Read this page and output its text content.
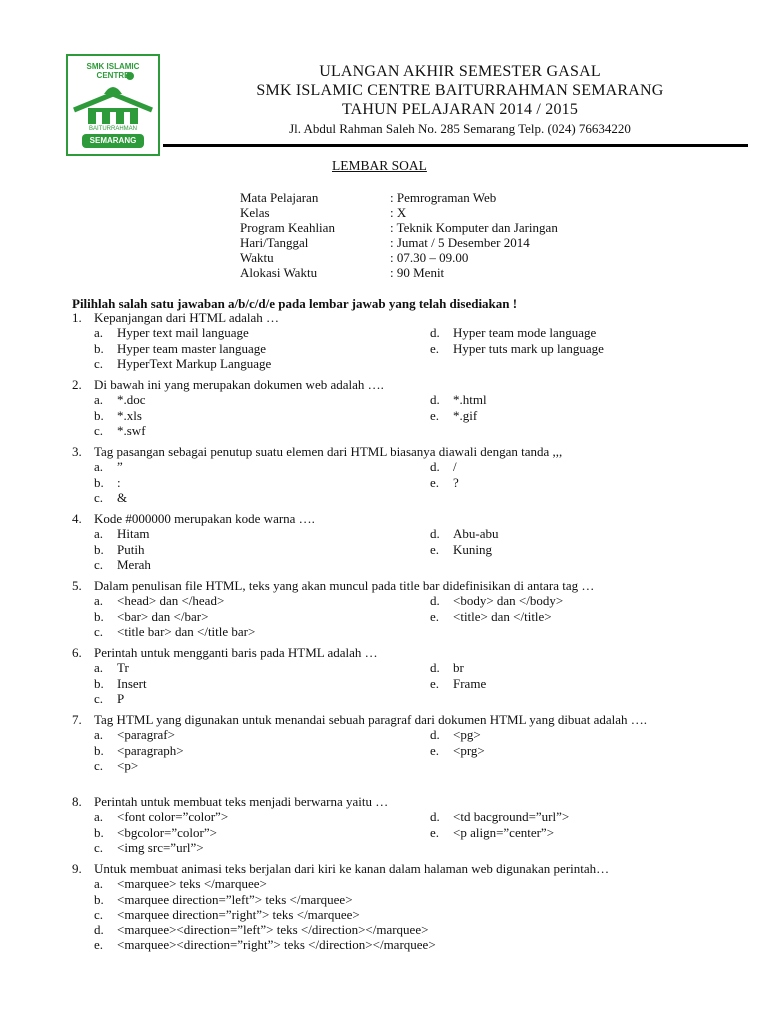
SMK ISLAMIC CENTRE
BAITURRAHMAN
SEMARANG
ULANGAN AKHIR SEMESTER GASAL
SMK ISLAMIC CENTRE BAITURRAHMAN SEMARANG
TAHUN PELAJARAN 2014 / 2015
Jl. Abdul Rahman Saleh No. 285 Semarang Telp. (024) 76634220
LEMBAR SOAL
Mata Pelajaran	: Pemrograman Web
Kelas	: X
Program Keahlian	: Teknik Komputer dan Jaringan
Hari/Tanggal	: Jumat / 5 Desember 2014
Waktu	: 07.30 – 09.00
Alokasi Waktu	: 90 Menit
Pilihlah salah satu jawaban a/b/c/d/e pada lembar jawab yang telah disediakan !
1. Kepanjangan dari HTML adalah …
a.	Hyper text mail language
b.	Hyper team master language
c.	HyperText Markup Language
d.	Hyper team mode language
e.	Hyper tuts mark up language
2. Di bawah ini yang merupakan dokumen web adalah ….
a.	*.doc
b.	*.xls
c.	*.swf
d.	*.html
e.	*.gif
3. Tag pasangan sebagai penutup suatu elemen dari HTML biasanya diawali dengan tanda ,,,
a.	”
b.	:
c.	&
d.	/
e.	?
4. Kode #000000 merupakan kode warna ….
a.	Hitam
b.	Putih
c.	Merah
d.	Abu-abu
e.	Kuning
5. Dalam penulisan file HTML, teks yang akan muncul pada title bar didefinisikan di antara tag …
a.	<head> dan </head>
b.	<bar> dan </bar>
c.	<title bar> dan </title bar>
d.	<body> dan </body>
e.	<title> dan </title>
6. Perintah untuk mengganti baris pada HTML adalah …
a.	Tr
b.	Insert
c.	P
d.	br
e.	Frame
7. Tag HTML yang digunakan untuk menandai sebuah paragraf dari dokumen HTML yang dibuat adalah ….
a.	<paragraf>
b.	<paragraph>
c.	<p>
d.	<pg>
e.	<prg>
8. Perintah untuk membuat teks menjadi berwarna yaitu …
a.	<font color=”color”>
b.	<bgcolor=”color”>
c.	<img src=”url”>
d.	<td bacground=”url”>
e.	<p align=”center”>
9. Untuk membuat animasi teks berjalan dari kiri ke kanan dalam halaman web digunakan perintah…
a.	<marquee> teks </marquee>
b.	<marquee direction=”left”> teks </marquee>
c.	<marquee direction=”right”> teks </marquee>
d.	<marquee><direction=”left”> teks </direction></marquee>
e.	<marquee><direction=”right”> teks </direction></marquee>
